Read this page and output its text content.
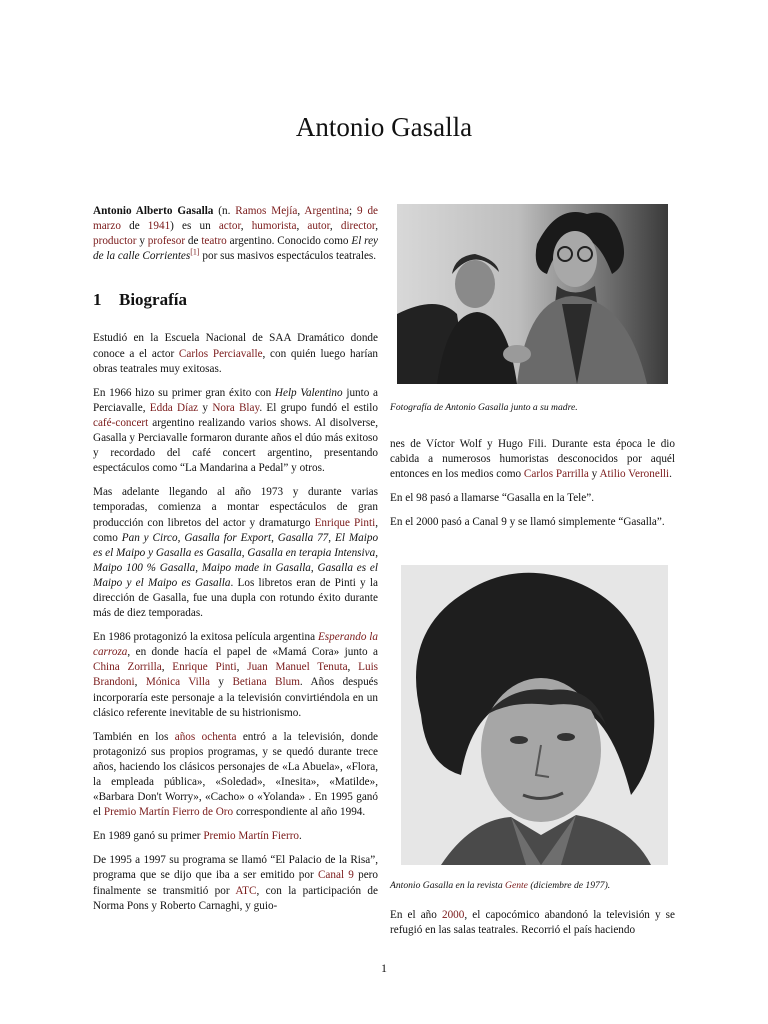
Antonio Gasalla

Antonio Alberto Gasalla (n. Ramos Mejía, Argentina; 9 de marzo de 1941) es un actor, humorista, autor, director, productor y profesor de teatro argentino. Conocido como El rey de la calle Corrientes[1] por sus masivos espectáculos teatrales.

1 Biografía

Estudió en la Escuela Nacional de SAA Dramático donde conoce a el actor Carlos Perciavalle, con quién luego harían obras teatrales muy exitosas.

En 1966 hizo su primer gran éxito con Help Valentino junto a Perciavalle, Edda Díaz y Nora Blay. El grupo fundó el estilo café-concert argentino realizando varios shows. Al disolverse, Gasalla y Perciavalle formaron durante años el dúo más exitoso y recordado del café concert argentino, presentando espectáculos como “La Mandarina a Pedal” y otros.

Mas adelante llegando al año 1973 y durante varias temporadas, comienza a montar espectáculos de gran producción con libretos del actor y dramaturgo Enrique Pinti, como Pan y Circo, Gasalla for Export, Gasalla 77, El Maipo es el Maipo y Gasalla es Gasalla, Gasalla en terapia Intensiva, Maipo 100 % Gasalla, Maipo made in Gasalla, Gasalla es el Maipo y el Maipo es Gasalla. Los libretos eran de Pinti y la dirección de Gasalla, fue una dupla con rotundo éxito durante más de diez temporadas.

En 1986 protagonizó la exitosa película argentina Esperando la carroza, en donde hacía el papel de «Mamá Cora» junto a China Zorrilla, Enrique Pinti, Juan Manuel Tenuta, Luis Brandoni, Mónica Villa y Betiana Blum. Años después incorporaría este personaje a la televisión convirtiéndola en un clásico referente inevitable de su histrionismo.

También en los años ochenta entró a la televisión, donde protagonizó sus propios programas, y se quedó durante trece años, haciendo los clásicos personajes de «La Abuela», «Flora, la empleada pública», «Soledad», «Inesita», «Matilde», «Barbara Don't Worry», «Cacho» o «Yolanda» . En 1995 ganó el Premio Martín Fierro de Oro correspondiente al año 1994.

En 1989 ganó su primer Premio Martín Fierro.

De 1995 a 1997 su programa se llamó “El Palacio de la Risa”, programa que se dijo que iba a ser emitido por Canal 9 pero finalmente se transmitió por ATC, con la participación de Norma Pons y Roberto Carnaghi, y guio-

Fotografía de Antonio Gasalla junto a su madre.

nes de Víctor Wolf y Hugo Fili. Durante esta época le dio cabida a numerosos humoristas desconocidos por aquél entonces en los medios como Carlos Parrilla y Atilio Veronelli.

En el 98 pasó a llamarse “Gasalla en la Tele”.

En el 2000 pasó a Canal 9 y se llamó simplemente “Gasalla”.

Antonio Gasalla en la revista Gente (diciembre de 1977).

En el año 2000, el capocómico abandonó la televisión y se refugió en las salas teatrales. Recorrió el país haciendo

1
